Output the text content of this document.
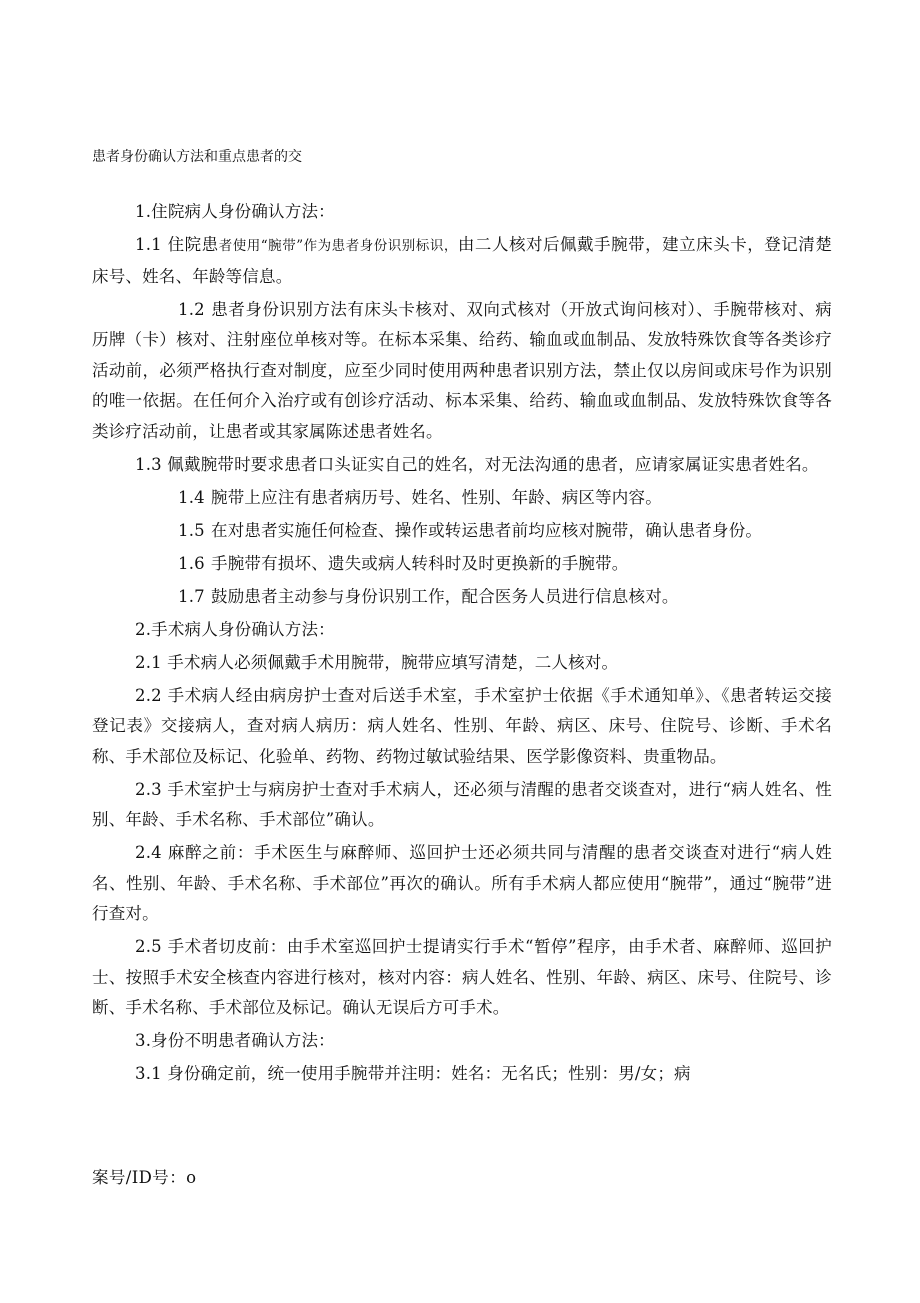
患者身份确认方法和重点患者的交

1.住院病人身份确认方法：

1.1 住院患者使用“腕带”作为患者身份识别标识，由二人核对后佩戴手腕带，建立床头卡，登记清楚床号、姓名、年龄等信息。

1.2 患者身份识别方法有床头卡核对、双向式核对（开放式询问核对）、手腕带核对、病历牌（卡）核对、注射座位单核对等。在标本采集、给药、输血或血制品、发放特殊饮食等各类诊疗活动前，必须严格执行查对制度，应至少同时使用两种患者识别方法，禁止仅以房间或床号作为识别的唯一依据。在任何介入治疗或有创诊疗活动、标本采集、给药、输血或血制品、发放特殊饮食等各类诊疗活动前，让患者或其家属陈述患者姓名。

1.3 佩戴腕带时要求患者口头证实自己的姓名，对无法沟通的患者，应请家属证实患者姓名。

1.4 腕带上应注有患者病历号、姓名、性别、年龄、病区等内容。

1.5 在对患者实施任何检查、操作或转运患者前均应核对腕带，确认患者身份。

1.6 手腕带有损坏、遗失或病人转科时及时更换新的手腕带。

1.7 鼓励患者主动参与身份识别工作，配合医务人员进行信息核对。

2.手术病人身份确认方法：

2.1 手术病人必须佩戴手术用腕带，腕带应填写清楚，二人核对。

2.2 手术病人经由病房护士查对后送手术室，手术室护士依据《手术通知单》、《患者转运交接登记表》交接病人，查对病人病历：病人姓名、性别、年龄、病区、床号、住院号、诊断、手术名称、手术部位及标记、化验单、药物、药物过敏试验结果、医学影像资料、贵重物品。

2.3 手术室护士与病房护士查对手术病人，还必须与清醒的患者交谈查对，进行“病人姓名、性别、年龄、手术名称、手术部位”确认。

2.4 麻醉之前：手术医生与麻醉师、巡回护士还必须共同与清醒的患者交谈查对进行“病人姓名、性别、年龄、手术名称、手术部位”再次的确认。所有手术病人都应使用“腕带”，通过“腕带”进行查对。

2.5 手术者切皮前：由手术室巡回护士提请实行手术“暂停”程序，由手术者、麻醉师、巡回护士、按照手术安全核查内容进行核对，核对内容：病人姓名、性别、年龄、病区、床号、住院号、诊断、手术名称、手术部位及标记。确认无误后方可手术。

3.身份不明患者确认方法：

3.1 身份确定前，统一使用手腕带并注明：姓名：无名氏；性别：男/女；病

案号/ID号：o
